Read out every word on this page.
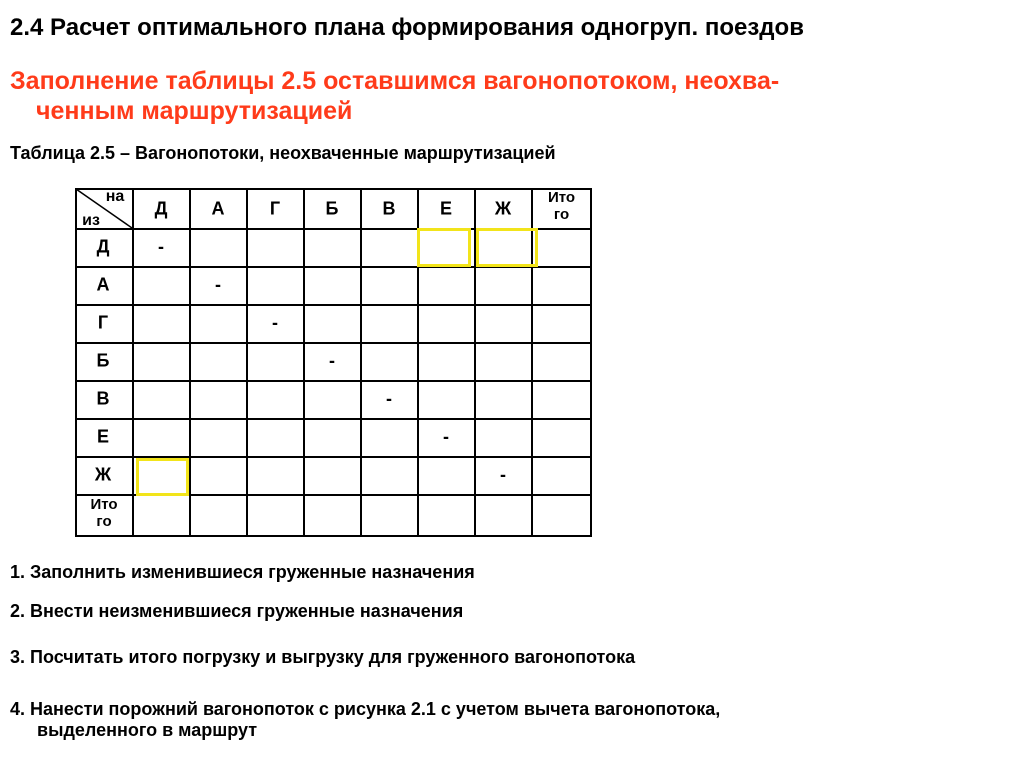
2.4 Расчет оптимального плана формирования одногруп. поездов
Заполнение таблицы 2.5 оставшимся вагонопотоком, неохва-
ченным маршрутизацией
Таблица 2.5 – Вагонопотоки, неохваченные маршрутизацией
на
из
Д А	Г	Б В Е Ж
Ито
го
Д
А
Г
Б
В
Е
Ж
Ито
го
-
-
-
-
-
-
-
1. Заполнить изменившиеся груженные назначения
2. Внести неизменившиеся груженные назначения
3. Посчитать итого погрузку и выгрузку для груженного вагонопотока
4. Нанести порожний вагонопоток с рисунка 2.1 с учетом вычета вагонопотока,
выделенного в маршрут
